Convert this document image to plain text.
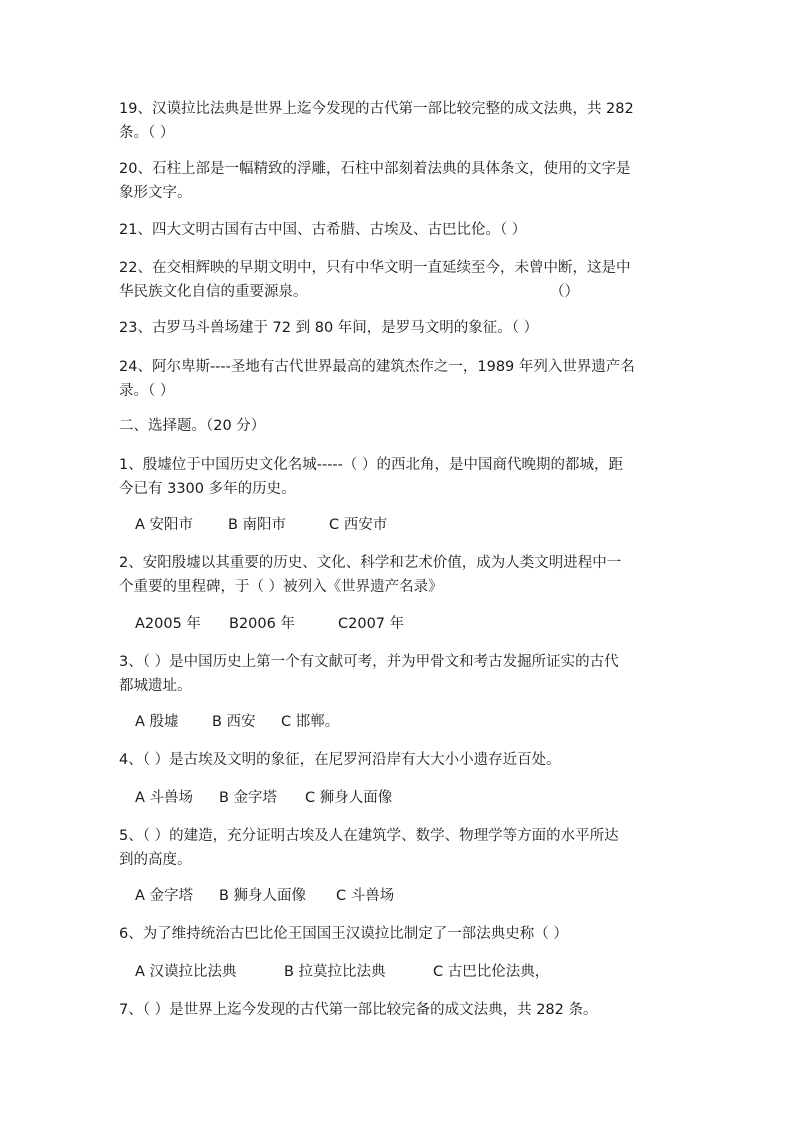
19、汉谟拉比法典是世界上迄今发现的古代第一部比较完整的成文法典，共 282
条。（ ）
20、石柱上部是一幅精致的浮雕，石柱中部刻着法典的具体条文，使用的文字是
象形文字。
21、四大文明古国有古中国、古希腊、古埃及、古巴比伦。（ ）
22、在交相辉映的早期文明中，只有中华文明一直延续至今，未曾中断，这是中
华民族文化自信的重要源泉。	（）
23、古罗马斗兽场建于 72 到 80 年间，是罗马文明的象征。（ ）
24、阿尔卑斯----圣地有古代世界最高的建筑杰作之一，1989 年列入世界遗产名
录。（ ）
二、选择题。（20 分）
1、殷墟位于中国历史文化名城-----（ ）的西北角，是中国商代晚期的都城，距
今已有 3300 多年的历史。
A 安阳市 B 南阳市	C 西安市
2、安阳殷墟以其重要的历史、文化、科学和艺术价值，成为人类文明进程中一
个重要的里程碑，于（ ）被列入《世界遗产名录》
A2005 年 B2006 年	C2007 年
3、（ ）是中国历史上第一个有文献可考，并为甲骨文和考古发掘所证实的古代
都城遗址。
A 殷墟 B 西安 C 邯郸。
4、（ ）是古埃及文明的象征，在尼罗河沿岸有大大小小遗存近百处。
A 斗兽场 B 金字塔 C 狮身人面像
5、（ ）的建造，充分证明古埃及人在建筑学、数学、物理学等方面的水平所达
到的高度。
A 金字塔 B 狮身人面像 C 斗兽场
6、为了维持统治古巴比伦王国国王汉谟拉比制定了一部法典史称（ ）
A 汉谟拉比法典	B 拉莫拉比法典	C 古巴比伦法典，
7、（ ）是世界上迄今发现的古代第一部比较完备的成文法典，共 282 条。
